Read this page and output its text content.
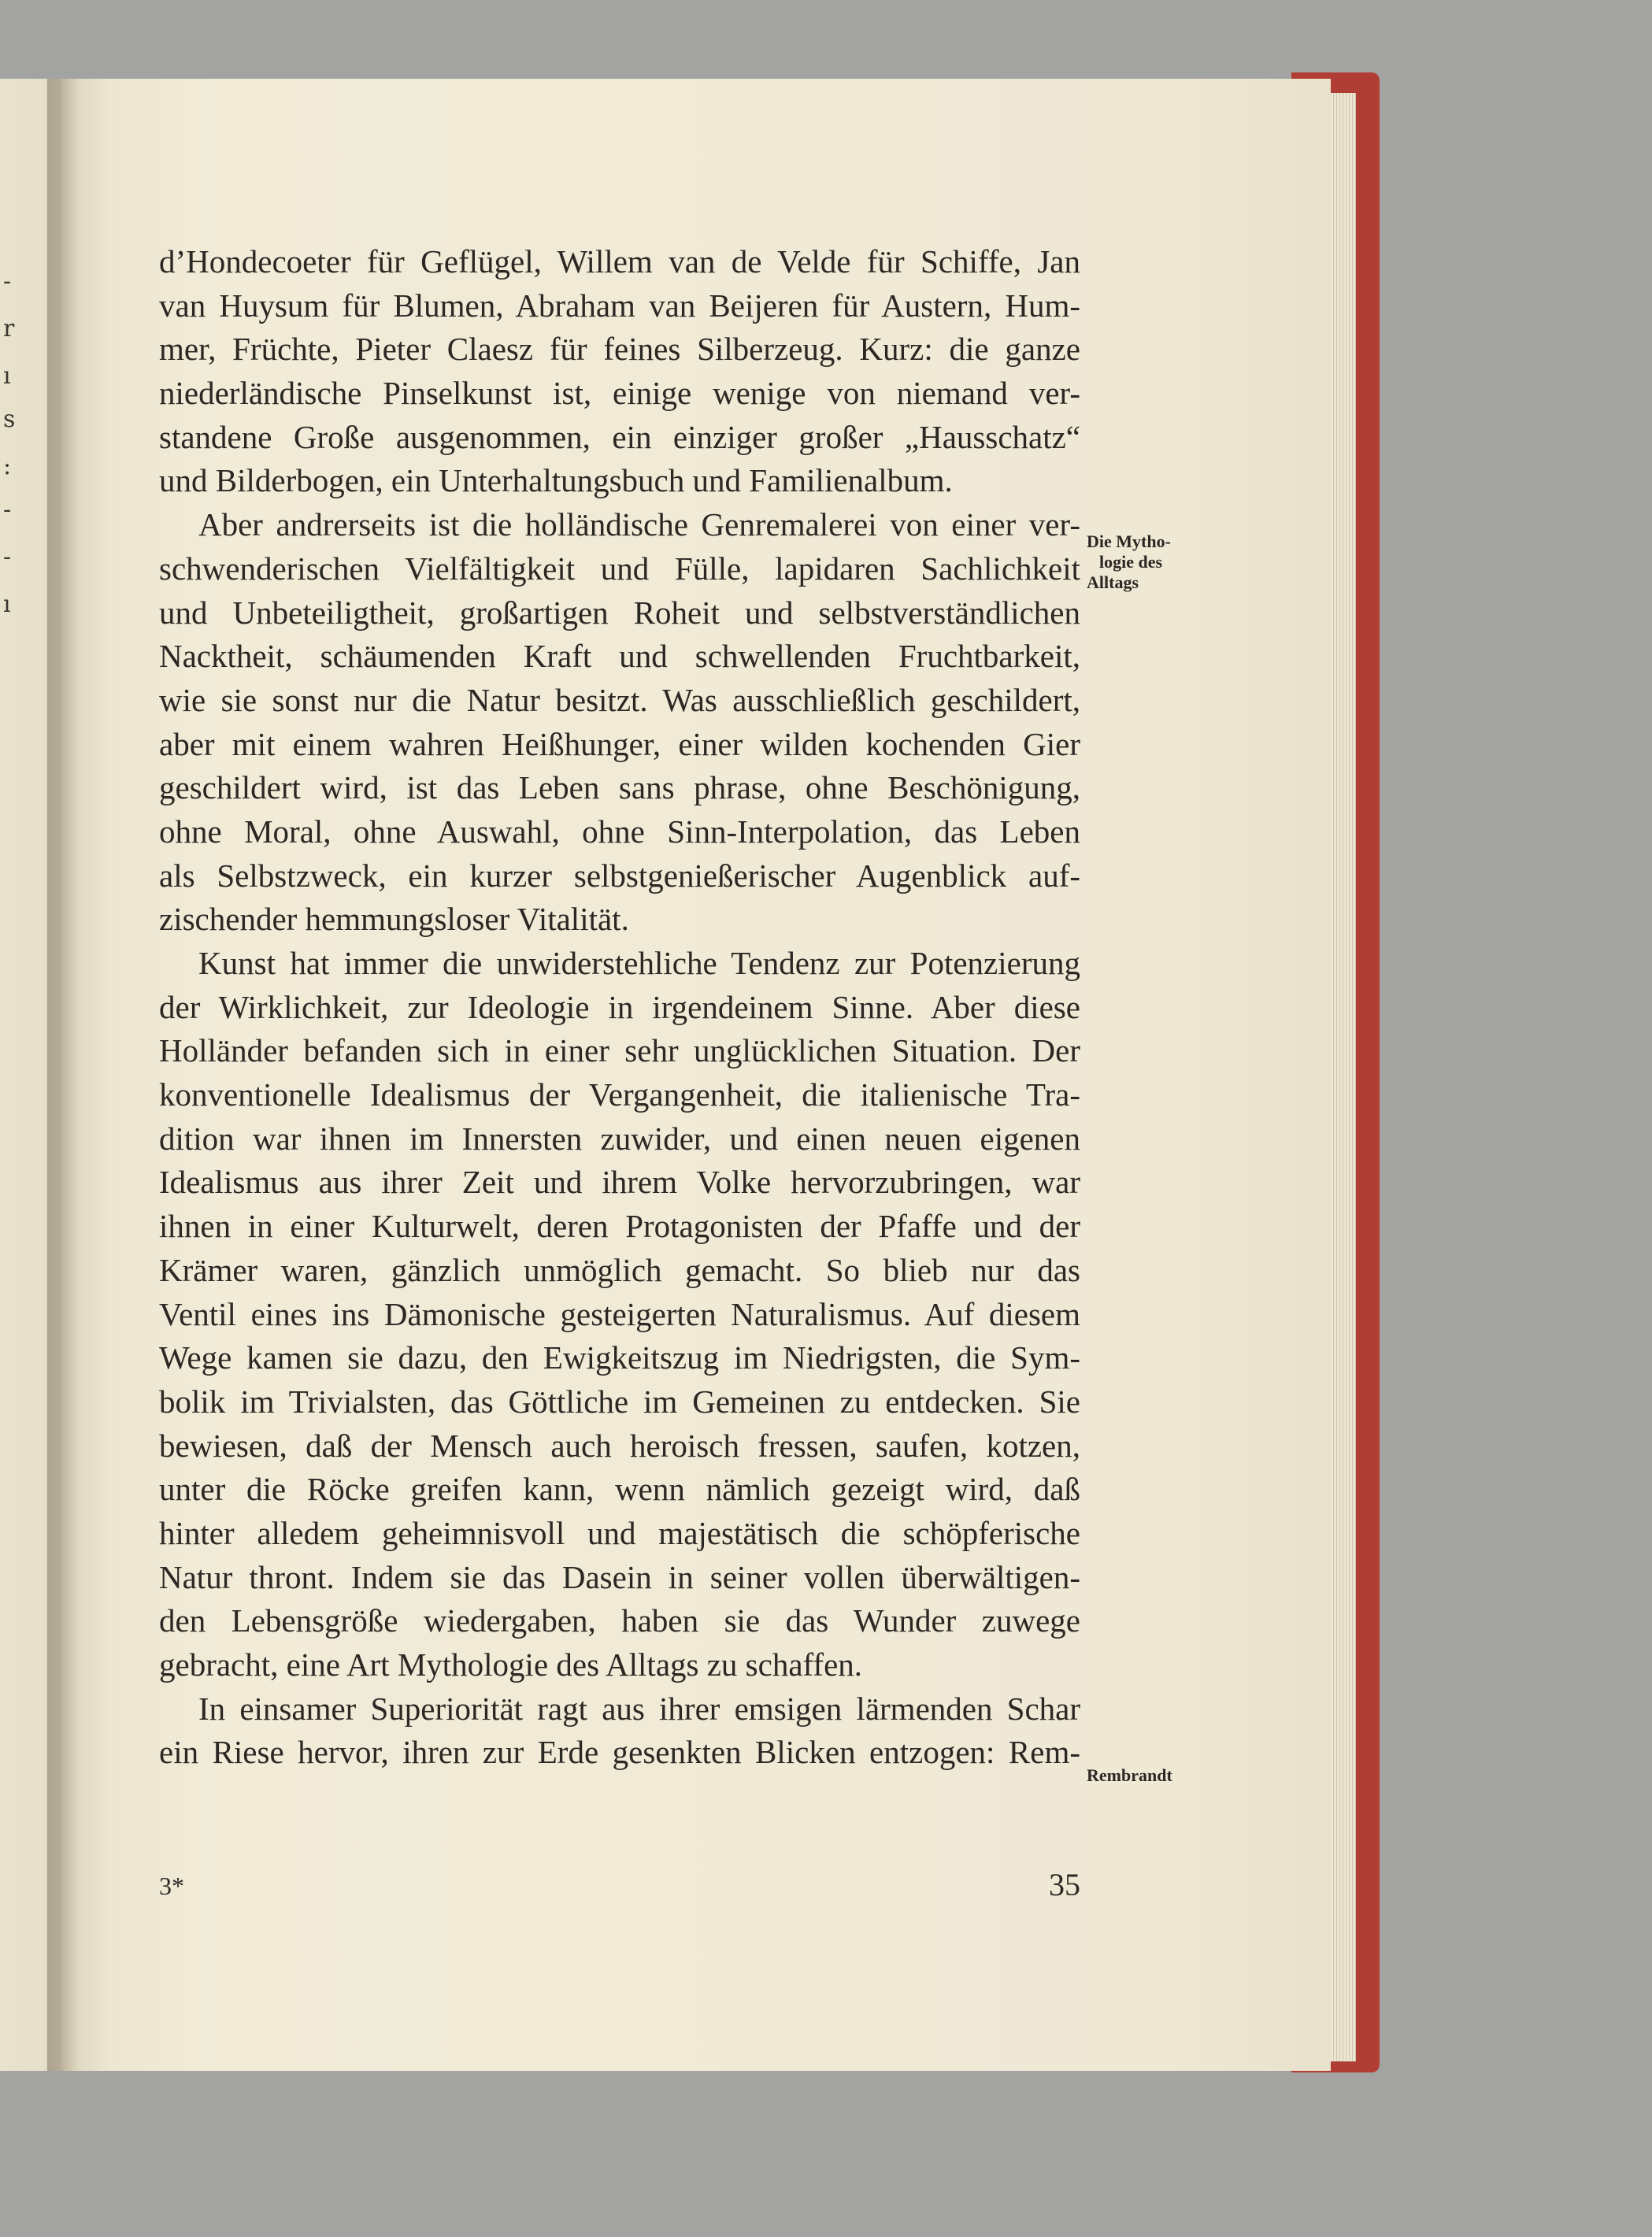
-
r
ı
s
:
-
-
ı
d’Hondecoeter für Geflügel, Willem van de Velde für Schiffe, Jan
van Huysum für Blumen, Abraham van Beijeren für Austern, Hum-
mer, Früchte, Pieter Claesz für feines Silberzeug. Kurz: die ganze
niederländische Pinselkunst ist, einige wenige von niemand ver-
standene Große ausgenommen, ein einziger großer „Hausschatz“
und Bilderbogen, ein Unterhaltungsbuch und Familienalbum.
Aber andrerseits ist die holländische Genremalerei von einer ver-
schwenderischen Vielfältigkeit und Fülle, lapidaren Sachlichkeit
und Unbeteiligtheit, großartigen Roheit und selbstverständlichen
Nacktheit, schäumenden Kraft und schwellenden Fruchtbarkeit,
wie sie sonst nur die Natur besitzt. Was ausschließlich geschildert,
aber mit einem wahren Heißhunger, einer wilden kochenden Gier
geschildert wird, ist das Leben sans phrase, ohne Beschönigung,
ohne Moral, ohne Auswahl, ohne Sinn-Interpolation, das Leben
als Selbstzweck, ein kurzer selbstgenießerischer Augenblick auf-
zischender hemmungsloser Vitalität.
Kunst hat immer die unwiderstehliche Tendenz zur Potenzierung
der Wirklichkeit, zur Ideologie in irgendeinem Sinne. Aber diese
Holländer befanden sich in einer sehr unglücklichen Situation. Der
konventionelle Idealismus der Vergangenheit, die italienische Tra-
dition war ihnen im Innersten zuwider, und einen neuen eigenen
Idealismus aus ihrer Zeit und ihrem Volke hervorzubringen, war
ihnen in einer Kulturwelt, deren Protagonisten der Pfaffe und der
Krämer waren, gänzlich unmöglich gemacht. So blieb nur das
Ventil eines ins Dämonische gesteigerten Naturalismus. Auf diesem
Wege kamen sie dazu, den Ewigkeitszug im Niedrigsten, die Sym-
bolik im Trivialsten, das Göttliche im Gemeinen zu entdecken. Sie
bewiesen, daß der Mensch auch heroisch fressen, saufen, kotzen,
unter die Röcke greifen kann, wenn nämlich gezeigt wird, daß
hinter alledem geheimnisvoll und majestätisch die schöpferische
Natur thront. Indem sie das Dasein in seiner vollen überwältigen-
den Lebensgröße wiedergaben, haben sie das Wunder zuwege
gebracht, eine Art Mythologie des Alltags zu schaffen.
In einsamer Superiorität ragt aus ihrer emsigen lärmenden Schar
ein Riese hervor, ihren zur Erde gesenkten Blicken entzogen: Rem-
Die Mytho-
logie des
Alltags
Rembrandt
3*	35
